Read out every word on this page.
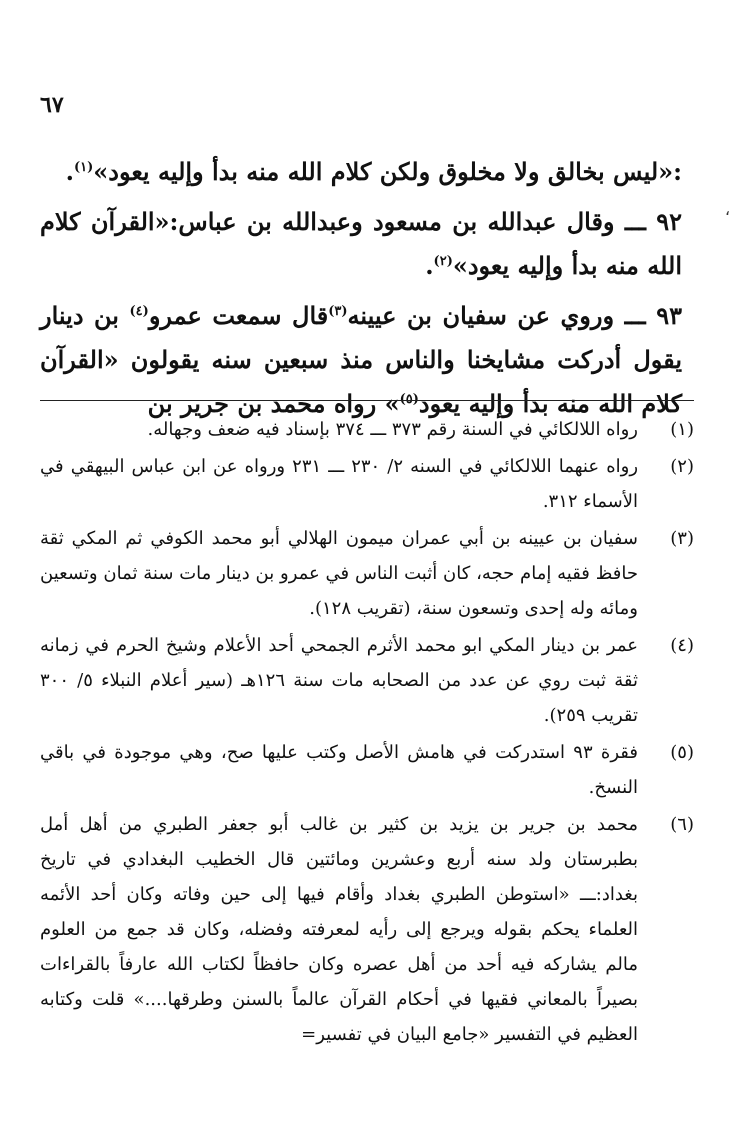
٦٧
،

:«ليس بخالق ولا مخلوق ولكن كلام الله منه بدأ وإليه يعود»$^{(١)}$.

٩٢ ـــ وقال عبدالله بن مسعود وعبدالله بن عباس:«القرآن كلام الله منه بدأ وإليه يعود»$^{(٢)}$.

٩٣ ـــ وروي عن سفيان بن عيينه$^{(٣)}$قال سمعت عمرو$^{(٤)}$ بن دينار يقول أدركت مشايخنا والناس منذ سبعين سنه يقولون «القرآن كلام الله منه بدأ وإليه يعود$^{(٥)}$» رواه محمد بن جرير بن

(١)
رواه اللالكائي في السنة رقم ٣٧٣ ـــ ٣٧٤ بإسناد فيه ضعف وجهاله.
(٢)
رواه عنهما اللالكائي في السنه ٢/ ٢٣٠ ـــ ٢٣١ ورواه عن ابن عباس البيهقي في الأسماء ٣١٢.
(٣)
سفيان بن عيينه بن أبي عمران ميمون الهلالي أبو محمد الكوفي ثم المكي ثقة حافظ فقيه إمام حجه، كان أثبت الناس في عمرو بن دينار مات سنة ثمان وتسعين ومائه وله إحدى وتسعون سنة، (تقريب ١٢٨).
(٤)
عمر بن دينار المكي ابو محمد الأثرم الجمحي أحد الأعلام وشيخ الحرم في زمانه ثقة ثبت روي عن عدد من الصحابه مات سنة ١٢٦هـ (سير أعلام النبلاء ٥/ ٣٠٠ تقريب ٢٥٩).
(٥)
فقرة ٩٣ استدركت في هامش الأصل وكتب عليها صح، وهي موجودة في باقي النسخ.
(٦)
محمد بن جرير بن يزيد بن كثير بن غالب أبو جعفر الطبري من أهل أمل بطبرستان ولد سنه أربع وعشرين ومائتين قال الخطيب البغدادي في تاريخ بغداد:ـــ «استوطن الطبري بغداد وأقام فيها إلى حين وفاته وكان أحد الأئمه العلماء يحكم بقوله ويرجع إلى رأيه لمعرفته وفضله، وكان قد جمع من العلوم مالم يشاركه فيه أحد من أهل عصره وكان حافظاً لكتاب الله عارفاً بالقراءات بصيراً بالمعاني فقيها في أحكام القرآن عالماً بالسنن وطرقها....» قلت وكتابه العظيم في التفسير «جامع البيان في تفسير=
